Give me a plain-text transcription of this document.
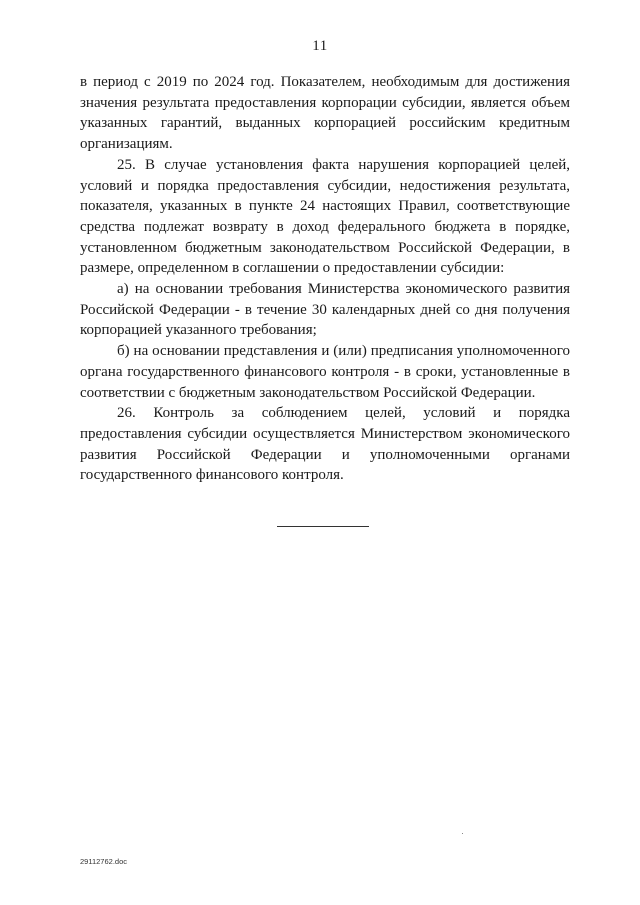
11

в период с 2019 по 2024 год. Показателем, необходимым для достижения значения результата предоставления корпорации субсидии, является объем указанных гарантий, выданных корпорацией российским кредитным организациям.

25. В случае установления факта нарушения корпорацией целей, условий и порядка предоставления субсидии, недостижения результата, показателя, указанных в пункте 24 настоящих Правил, соответствующие средства подлежат возврату в доход федерального бюджета в порядке, установленном бюджетным законодательством Российской Федерации, в размере, определенном в соглашении о предоставлении субсидии:

а) на основании требования Министерства экономического развития Российской Федерации - в течение 30 календарных дней со дня получения корпорацией указанного требования;

б) на основании представления и (или) предписания уполномоченного органа государственного финансового контроля - в сроки, установленные в соответствии с бюджетным законодательством Российской Федерации.

26. Контроль за соблюдением целей, условий и порядка предоставления субсидии осуществляется Министерством экономического развития Российской Федерации и уполномоченными органами государственного финансового контроля.

29112762.doc
